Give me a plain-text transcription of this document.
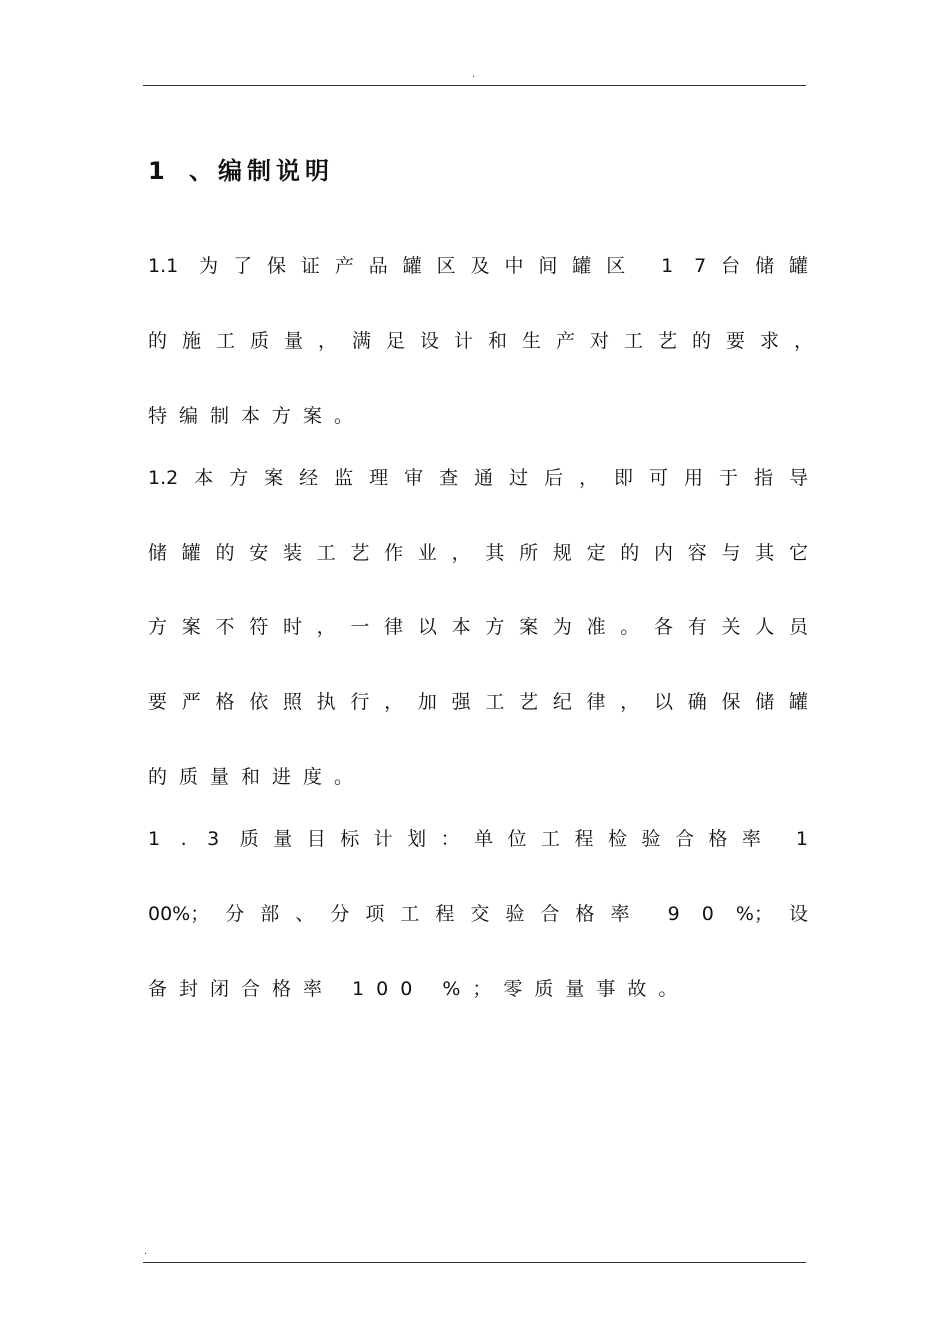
.
1 、编制说明
1.1 为了保证产品罐区及中间罐区 1 7台储罐
的施工质量，满足设计和生产对工艺的要求，
特编制本方案。
1.2本方案经监理审查通过后，即可用于指导
储罐的安装工艺作业，其所规定的内容与其它
方案不符时，一律以本方案为准。各有关人员
要严格依照执行，加强工艺纪律，以确保储罐
的质量和进度。
1 . 3 质量目标计划：单位工程检验合格率 1
00%；分部、分项工程交验合格率 9 0 %；设
备封闭合格率 100 %；零质量事故。
.
